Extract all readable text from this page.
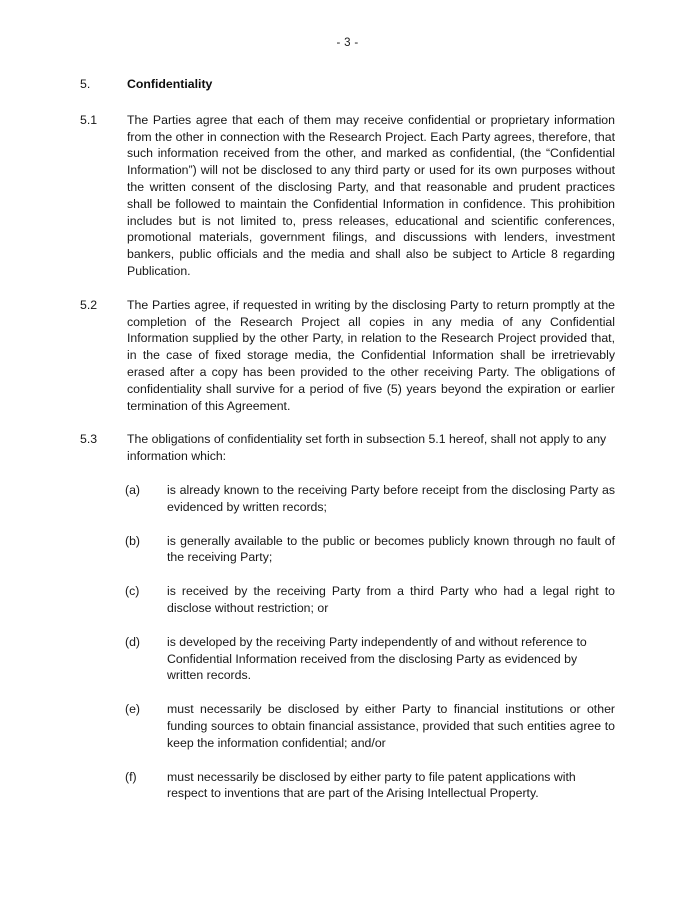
- 3 -
5.	Confidentiality
5.1	The Parties agree that each of them may receive confidential or proprietary information from the other in connection with the Research Project. Each Party agrees, therefore, that such information received from the other, and marked as confidential, (the “Confidential Information”) will not be disclosed to any third party or used for its own purposes without the written consent of the disclosing Party, and that reasonable and prudent practices shall be followed to maintain the Confidential Information in confidence. This prohibition includes but is not limited to, press releases, educational and scientific conferences, promotional materials, government filings, and discussions with lenders, investment bankers, public officials and the media and shall also be subject to Article 8 regarding Publication.
5.2	The Parties agree, if requested in writing by the disclosing Party to return promptly at the completion of the Research Project all copies in any media of any Confidential Information supplied by the other Party, in relation to the Research Project provided that, in the case of fixed storage media, the Confidential Information shall be irretrievably erased after a copy has been provided to the other receiving Party. The obligations of confidentiality shall survive for a period of five (5) years beyond the expiration or earlier termination of this Agreement.
5.3	The obligations of confidentiality set forth in subsection 5.1 hereof, shall not apply to any information which:
(a)	is already known to the receiving Party before receipt from the disclosing Party as evidenced by written records;
(b)	is generally available to the public or becomes publicly known through no fault of the receiving Party;
(c)	is received by the receiving Party from a third Party who had a legal right to disclose without restriction; or
(d)	is developed by the receiving Party independently of and without reference to Confidential Information received from the disclosing Party as evidenced by written records.
(e)	must necessarily be disclosed by either Party to financial institutions or other funding sources to obtain financial assistance, provided that such entities agree to keep the information confidential; and/or
(f)	must necessarily be disclosed by either party to file patent applications with respect to inventions that are part of the Arising Intellectual Property.
